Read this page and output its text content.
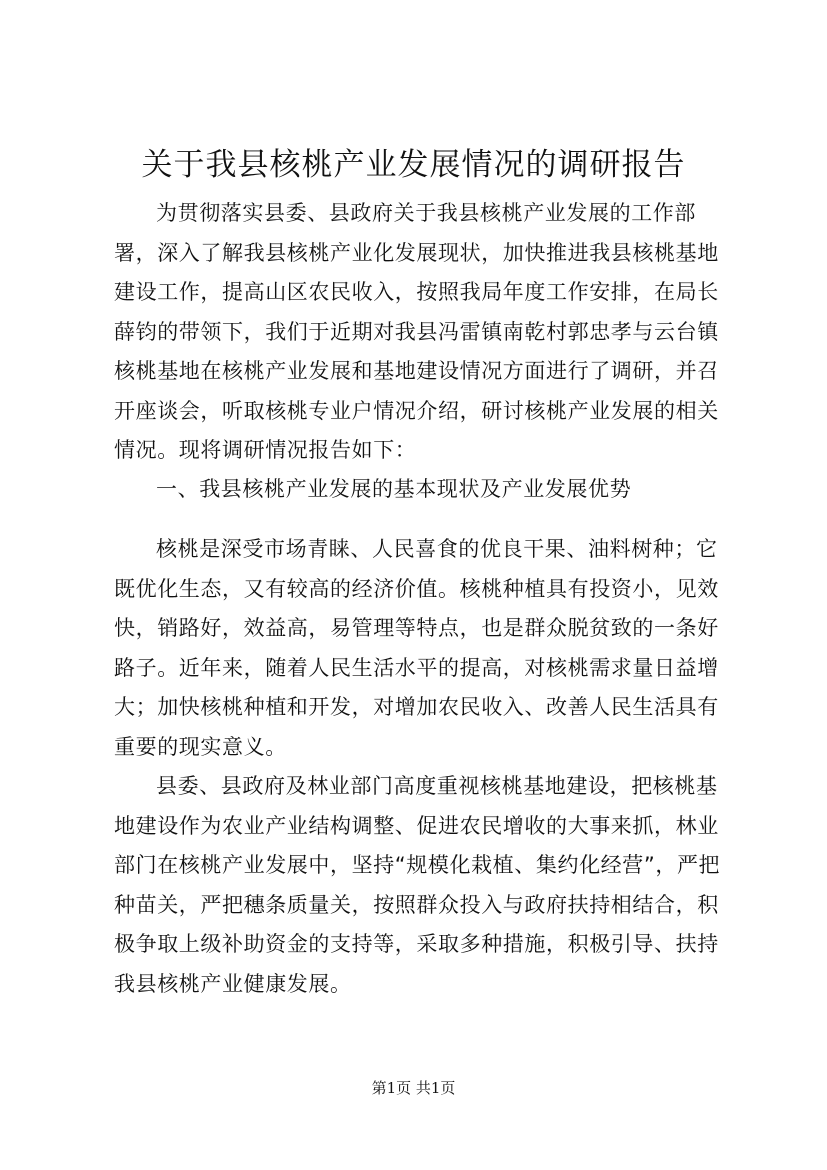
关于我县核桃产业发展情况的调研报告

为贯彻落实县委、县政府关于我县核桃产业发展的工作部署，深入了解我县核桃产业化发展现状，加快推进我县核桃基地建设工作，提高山区农民收入，按照我局年度工作安排，在局长薛钧的带领下，我们于近期对我县冯雷镇南乾村郭忠孝与云台镇核桃基地在核桃产业发展和基地建设情况方面进行了调研，并召开座谈会，听取核桃专业户情况介绍，研讨核桃产业发展的相关情况。现将调研情况报告如下：

一、我县核桃产业发展的基本现状及产业发展优势

核桃是深受市场青睐、人民喜食的优良干果、油料树种；它既优化生态，又有较高的经济价值。核桃种植具有投资小，见效快，销路好，效益高，易管理等特点，也是群众脱贫致的一条好路子。近年来，随着人民生活水平的提高，对核桃需求量日益增大；加快核桃种植和开发，对增加农民收入、改善人民生活具有重要的现实意义。

县委、县政府及林业部门高度重视核桃基地建设，把核桃基地建设作为农业产业结构调整、促进农民增收的大事来抓，林业部门在核桃产业发展中，坚持“规模化栽植、集约化经营”，严把种苗关，严把穗条质量关，按照群众投入与政府扶持相结合，积极争取上级补助资金的支持等，采取多种措施，积极引导、扶持我县核桃产业健康发展。

第1页 共1页
